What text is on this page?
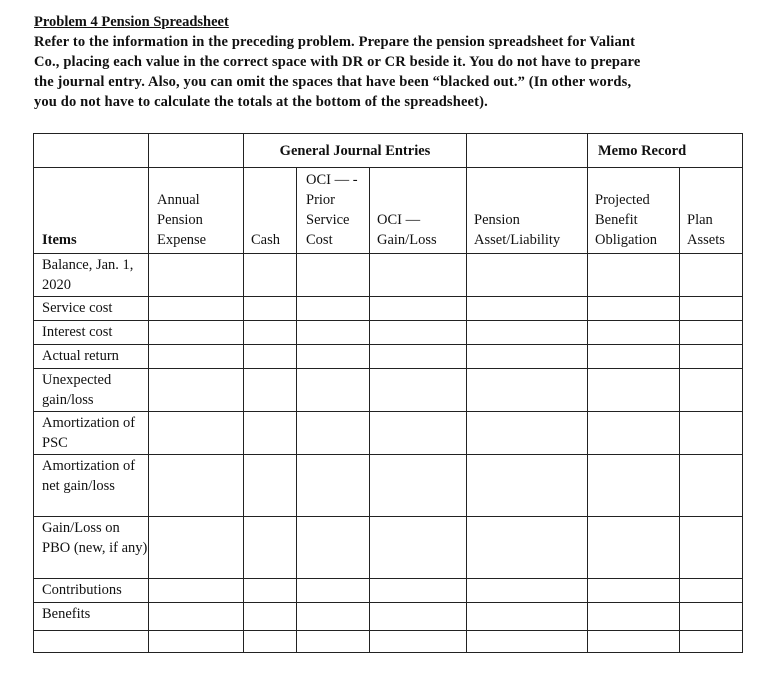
Problem 4 Pension Spreadsheet
Refer to the information in the preceding problem. Prepare the pension spreadsheet for Valiant
Co., placing each value in the correct space with DR or CR beside it. You do not have to prepare
the journal entry. Also, you can omit the spaces that have been “blacked out.” (In other words,
you do not have to calculate the totals at the bottom of the spreadsheet).
		General Journal Entries				Memo Record	
Items	Annual Pension Expense	Cash	OCI — - Prior Service Cost	OCI — Gain/Loss	Pension Asset/Liability	Projected Benefit Obligation	Plan Assets
Balance, Jan. 1, 2020							
Service cost							
Interest cost							
Actual return							
Unexpected gain/loss							
Amortization of PSC							
Amortization of net gain/loss							
Gain/Loss on PBO (new, if any)							
Contributions							
Benefits							
